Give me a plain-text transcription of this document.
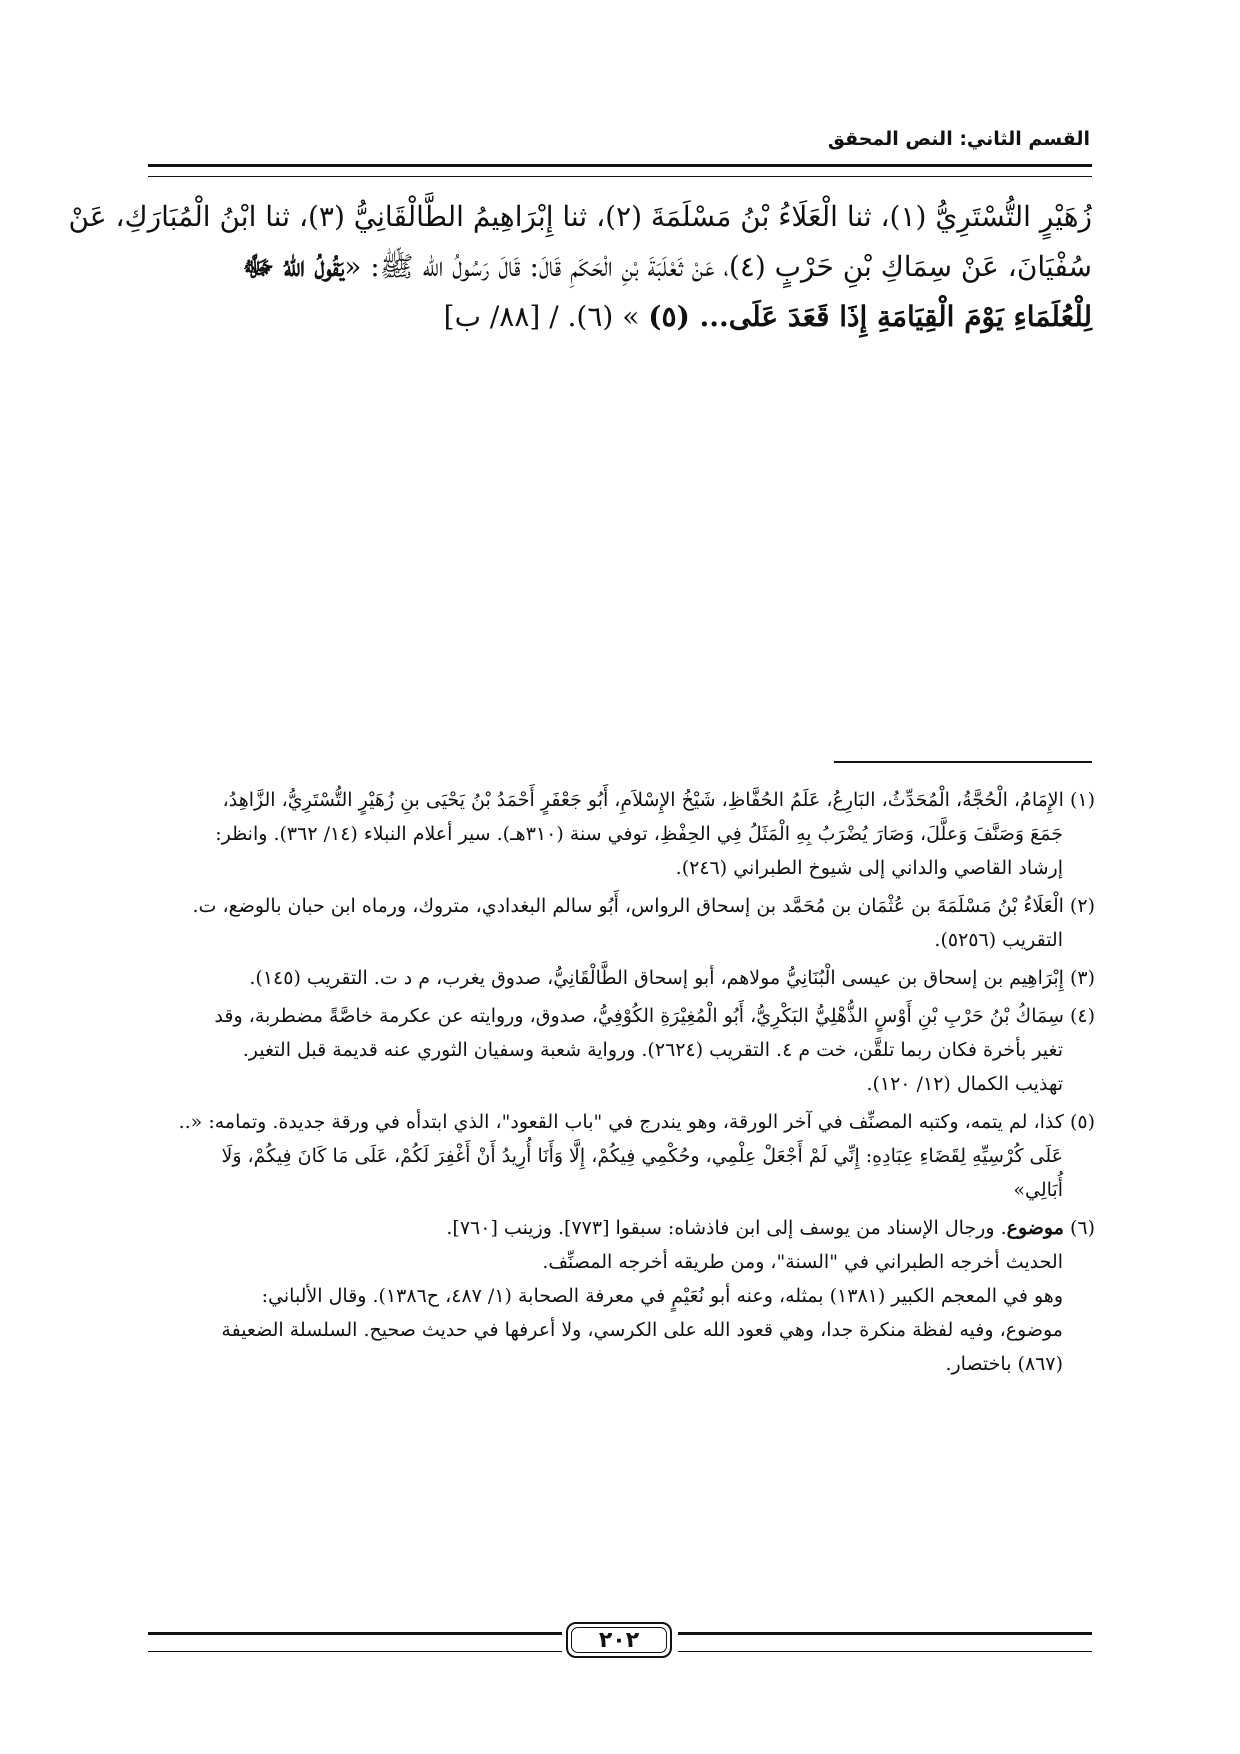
القسم الثاني: النص المحقق
زُهَيْرٍ التُّسْتَرِيُّ (١)، ثنا الْعَلَاءُ بْنُ مَسْلَمَةَ (٢)، ثنا إِبْرَاهِيمُ الطَّالْقَانِيُّ (٣)، ثنا ابْنُ الْمُبَارَكِ، عَنْ
سُفْيَانَ، عَنْ سِمَاكِ بْنِ حَرْبٍ (٤)، عَنْ ثَعْلَبَةَ بْنِ الْحَكَمِ قَالَ: قَالَ رَسُولُ الله ﷺ: «يَقُولُ اللهُ ﷻ
لِلْعُلَمَاءِ يَوْمَ الْقِيَامَةِ إِذَا قَعَدَ عَلَى... (٥) » (٦). / [٨٨/ ب]
(١) الإِمَامُ، الْحُجَّةُ، الْمُحَدِّثُ، البَارِعُ، عَلَمُ الحُفَّاظِ، شَيْخُ الإِسْلاَمِ، أَبُو جَعْفَرٍ أَحْمَدُ بْنُ يَحْيَى بنِ زُهَيْرٍ التُّسْتَرِيُّ، الزَّاهِدُ،
جَمَعَ وَصَنَّفَ وَعلَّلَ، وَصَارَ يُضْرَبُ بِهِ الْمَثَلُ فِي الحِفْظِ، توفي سنة (٣١٠هـ). سير أعلام النبلاء (١٤/ ٣٦٢). وانظر:
إرشاد القاصي والداني إلى شيوخ الطبراني (٢٤٦).
(٢) الْعَلَاءُ بْنُ مَسْلَمَةَ بن عُثْمَان بن مُحَمَّد بن إسحاق الرواس، أَبُو سالم البغدادي، متروك، ورماه ابن حبان بالوضع، ت.
التقريب (٥٢٥٦).
(٣) إِبْرَاهِيم بن إسحاق بن عيسى الْبُنَانِيُّ مولاهم، أبو إسحاق الطَّالْقَانِيُّ، صدوق يغرب، م د ت. التقريب (١٤٥).
(٤) سِمَاكُ بْنُ حَرْبِ بْنِ أَوْسٍ الذُّهْلِيُّ البَكْرِيُّ، أَبُو الْمُغِيْرَةِ الكُوْفِيُّ، صدوق، وروايته عن عكرمة خاصَّةً مضطربة، وقد
تغير بأخرة فكان ربما تلقَّن، خت م ٤. التقريب (٢٦٢٤). ورواية شعبة وسفيان الثوري عنه قديمة قبل التغير.
تهذيب الكمال (١٢/ ١٢٠).
(٥) كذا، لم يتمه، وكتبه المصنِّف في آخر الورقة، وهو يندرج في "باب القعود"، الذي ابتدأه في ورقة جديدة. وتمامه: «..
عَلَى كُرْسِيِّهِ لِقَضَاءِ عِبَادِهِ: إِنِّي لَمْ أَجْعَلْ عِلْمِي، وحُكْمِي فِيكُمْ، إِلَّا وَأَنَا أُرِيدُ أَنْ أَغْفِرَ لَكُمْ، عَلَى مَا كَانَ فِيكُمْ، وَلَا
أُبَالِي»
(٦) موضوع. ورجال الإسناد من يوسف إلى ابن فاذشاه: سبقوا [٧٧٣]. وزينب [٧٦٠].
الحديث أخرجه الطبراني في "السنة"، ومن طريقه أخرجه المصنِّف.
وهو في المعجم الكبير (١٣٨١) بمثله، وعنه أبو نُعَيْمٍ في معرفة الصحابة (١/ ٤٨٧، ح١٣٨٦). وقال الألباني:
موضوع، وفيه لفظة منكرة جدا، وهي قعود الله على الكرسي، ولا أعرفها في حديث صحيح. السلسلة الضعيفة
(٨٦٧) باختصار.
٢٠٢
